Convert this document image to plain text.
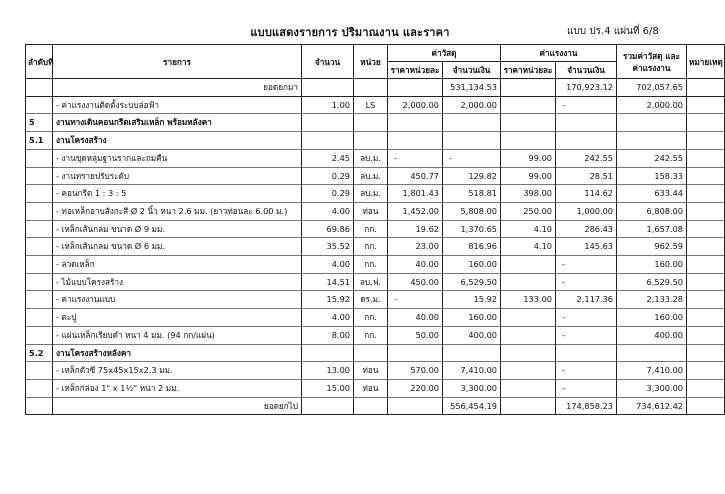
แบบแสดงรายการ ปริมาณงาน และราคา	แบบ ปร.4 แผ่นที่ 6/8
ลำดับที่	รายการ	จำนวน	หน่วย	ค่าวัสดุ		ค่าแรงงาน		รวมค่าวัสดุ และค่าแรงงาน	หมายเหตุ
				ราคาหน่วยละ	จำนวนเงิน	ราคาหน่วยละ	จำนวนเงิน		
	ยอดยกมา				531,134.53		170,923.12	702,057.65	
	- ค่าแรงงานติดตั้งระบบล่อฟ้า	1.00	LS	2,000.00	2,000.00		-	2,000.00	
5	งานทางเดินคอนกรีตเสริมเหล็ก พร้อมหลังคา								
5.1	งานโครงสร้าง								
	- งานขุดหลุมฐานรากและถมคืน	2.45	ลบ.ม.	-	-	99.00	242.55	242.55	
	- งานทรายปรับระดับ	0.29	ลบ.ม.	450.77	129.82	99.00	28.51	158.33	
	- คอนกรีต 1 : 3 : 5	0.29	ลบ.ม.	1,801.43	518.81	398.00	114.62	633.44	
	- ท่อเหล็กอาบสังกะสี Ø 2 นิ้ว หนา 2.6 มม. (ยาวท่อนละ 6.00 ม.)	4.00	ท่อน	1,452.00	5,808.00	250.00	1,000.00	6,808.00	
	- เหล็กเส้นกลม ขนาด Ø 9 มม.	69.86	กก.	19.62	1,370.65	4.10	286.43	1,657.08	
	- เหล็กเส้นกลม ขนาด Ø 6 มม.	35.52	กก.	23.00	816.96	4.10	145.63	962.59	
	- ลวดเหล็ก	4.00	กก.	40.00	160.00		-	160.00	
	- ไม้แบบโครงสร้าง	14.51	ลบ.ฟ.	450.00	6,529.50		-	6,529.50	
	- ค่าแรงงานแบบ	15.92	ตร.ม.	-	15.92	133.00	2,117.36	2,133.28	
	- ตะปู	4.00	กก.	40.00	160.00		-	160.00	
	- แผ่นเหล็กเรียบดำ หนา 4 มม. (94 กก/แผ่น)	8.00	กก.	50.00	400.00		-	400.00	
5.2	งานโครงสร้างหลังคา								
	- เหล็กตัวซี 75x45x15x2.3 มม.	13.00	ท่อน	570.00	7,410.00		-	7,410.00	
	- เหล็กกล่อง 1" x 1½" หนา 2 มม.	15.00	ท่อน	220.00	3,300.00		-	3,300.00	
	ยอดยกไป				556,454.19		174,858.23	734,612.42	
